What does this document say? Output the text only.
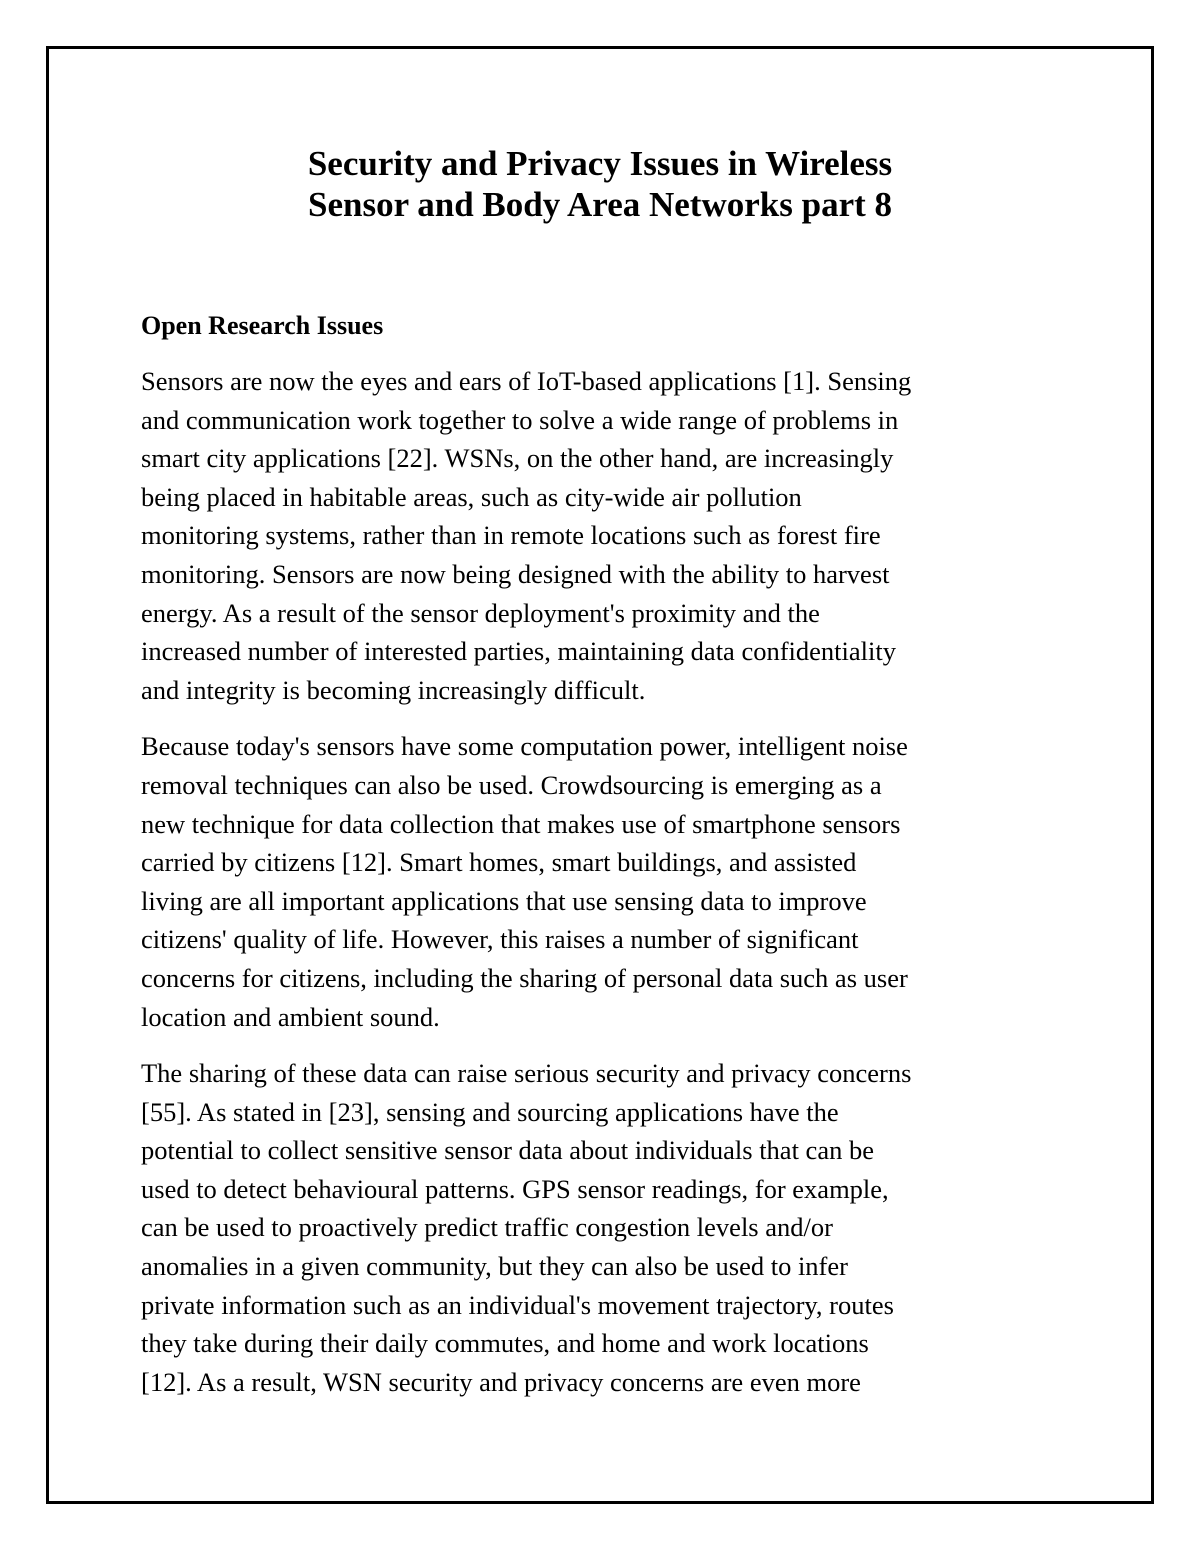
Security and Privacy Issues in Wireless
Sensor and Body Area Networks part 8
Open Research Issues

Sensors are now the eyes and ears of IoT-based applications [1]. Sensing
and communication work together to solve a wide range of problems in
smart city applications [22]. WSNs, on the other hand, are increasingly
being placed in habitable areas, such as city-wide air pollution
monitoring systems, rather than in remote locations such as forest fire
monitoring. Sensors are now being designed with the ability to harvest
energy. As a result of the sensor deployment's proximity and the
increased number of interested parties, maintaining data confidentiality
and integrity is becoming increasingly difficult.

Because today's sensors have some computation power, intelligent noise
removal techniques can also be used. Crowdsourcing is emerging as a
new technique for data collection that makes use of smartphone sensors
carried by citizens [12]. Smart homes, smart buildings, and assisted
living are all important applications that use sensing data to improve
citizens' quality of life. However, this raises a number of significant
concerns for citizens, including the sharing of personal data such as user
location and ambient sound.

The sharing of these data can raise serious security and privacy concerns
[55]. As stated in [23], sensing and sourcing applications have the
potential to collect sensitive sensor data about individuals that can be
used to detect behavioural patterns. GPS sensor readings, for example,
can be used to proactively predict traffic congestion levels and/or
anomalies in a given community, but they can also be used to infer
private information such as an individual's movement trajectory, routes
they take during their daily commutes, and home and work locations
[12]. As a result, WSN security and privacy concerns are even more
